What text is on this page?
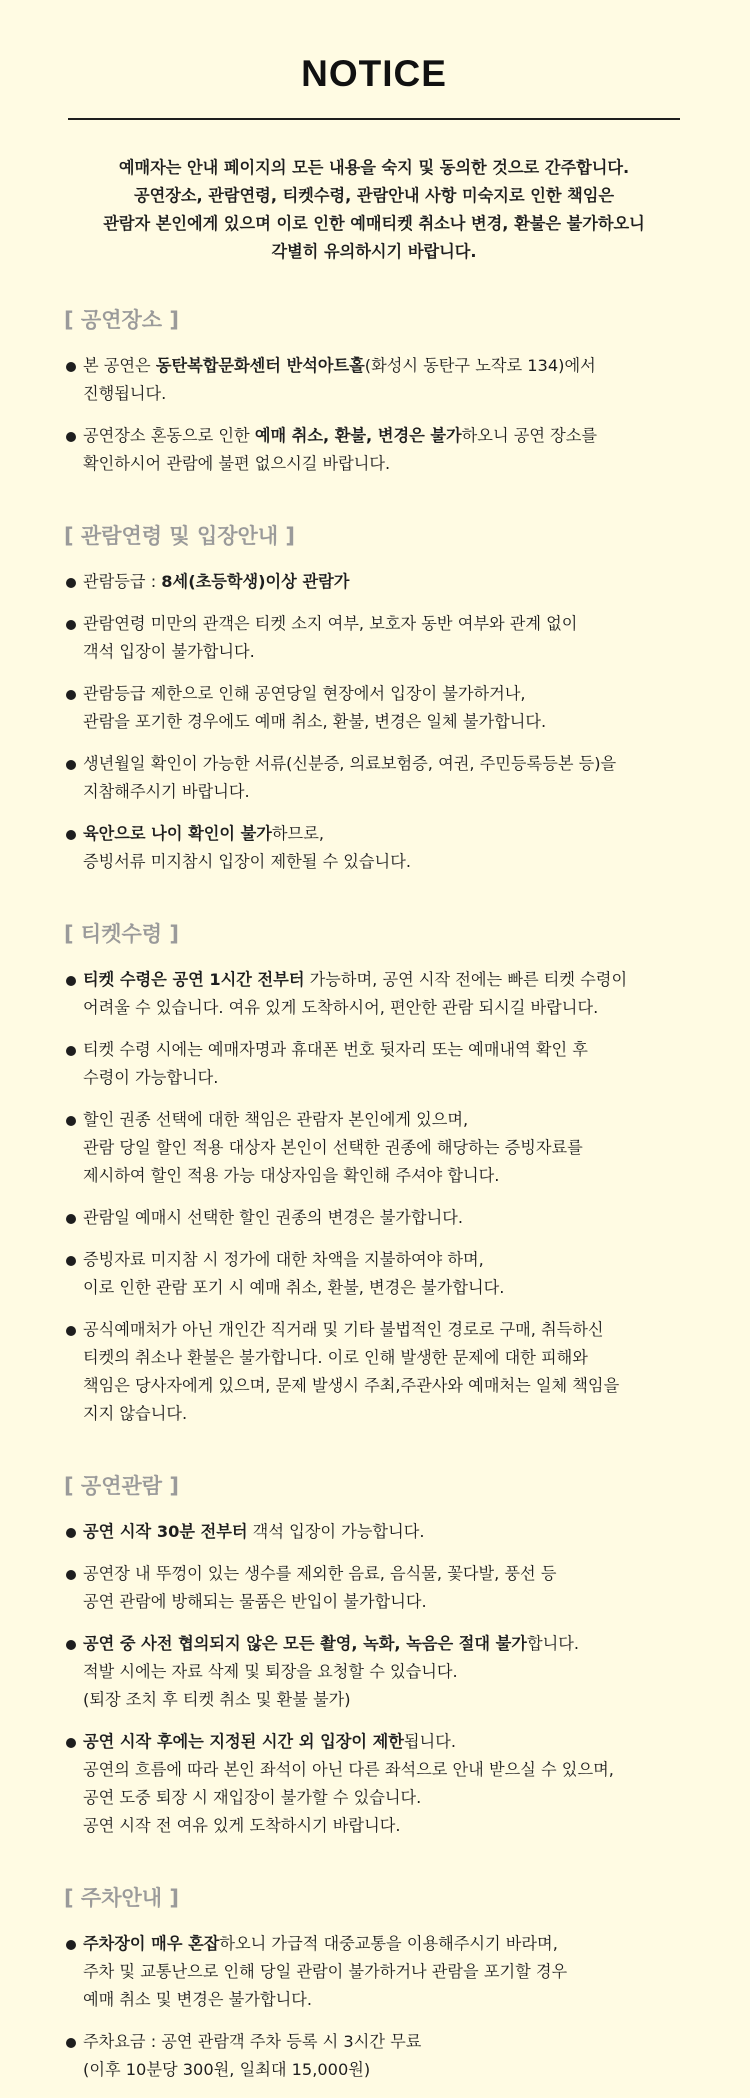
NOTICE

예매자는 안내 페이지의 모든 내용을 숙지 및 동의한 것으로 간주합니다.

공연장소, 관람연령, 티켓수령, 관람안내 사항 미숙지로 인한 책임은

관람자 본인에게 있으며 이로 인한 예매티켓 취소나 변경, 환불은 불가하오니

각별히 유의하시기 바랍니다.

[ 공연장소 ]
본 공연은 동탄복합문화센터 반석아트홀(화성시 동탄구 노작로 134)에서
진행됩니다.
공연장소 혼동으로 인한 예매 취소, 환불, 변경은 불가하오니 공연 장소를
확인하시어 관람에 불편 없으시길 바랍니다.
[ 관람연령 및 입장안내 ]
관람등급 : 8세(초등학생)이상 관람가
관람연령 미만의 관객은 티켓 소지 여부, 보호자 동반 여부와 관계 없이
객석 입장이 불가합니다.
관람등급 제한으로 인해 공연당일 현장에서 입장이 불가하거나,
관람을 포기한 경우에도 예매 취소, 환불, 변경은 일체 불가합니다.
생년월일 확인이 가능한 서류(신분증, 의료보험증, 여권, 주민등록등본 등)을
지참해주시기 바랍니다.
육안으로 나이 확인이 불가하므로,
증빙서류 미지참시 입장이 제한될 수 있습니다.
[ 티켓수령 ]
티켓 수령은 공연 1시간 전부터 가능하며, 공연 시작 전에는 빠른 티켓 수령이
어려울 수 있습니다. 여유 있게 도착하시어, 편안한 관람 되시길 바랍니다.
티켓 수령 시에는 예매자명과 휴대폰 번호 뒷자리 또는 예매내역 확인 후
수령이 가능합니다.
할인 권종 선택에 대한 책임은 관람자 본인에게 있으며,
관람 당일 할인 적용 대상자 본인이 선택한 권종에 해당하는 증빙자료를
제시하여 할인 적용 가능 대상자임을 확인해 주셔야 합니다.
관람일 예매시 선택한 할인 권종의 변경은 불가합니다.
증빙자료 미지참 시 정가에 대한 차액을 지불하여야 하며,
이로 인한 관람 포기 시 예매 취소, 환불, 변경은 불가합니다.
공식예매처가 아닌 개인간 직거래 및 기타 불법적인 경로로 구매, 취득하신
티켓의 취소나 환불은 불가합니다. 이로 인해 발생한 문제에 대한 피해와
책임은 당사자에게 있으며, 문제 발생시 주최,주관사와 예매처는 일체 책임을
지지 않습니다.
[ 공연관람 ]
공연 시작 30분 전부터 객석 입장이 가능합니다.
공연장 내 뚜껑이 있는 생수를 제외한 음료, 음식물, 꽃다발, 풍선 등
공연 관람에 방해되는 물품은 반입이 불가합니다.
공연 중 사전 협의되지 않은 모든 촬영, 녹화, 녹음은 절대 불가합니다.
적발 시에는 자료 삭제 및 퇴장을 요청할 수 있습니다.
(퇴장 조치 후 티켓 취소 및 환불 불가)
공연 시작 후에는 지정된 시간 외 입장이 제한됩니다.
공연의 흐름에 따라 본인 좌석이 아닌 다른 좌석으로 안내 받으실 수 있으며,
공연 도중 퇴장 시 재입장이 불가할 수 있습니다.
공연 시작 전 여유 있게 도착하시기 바랍니다.
[ 주차안내 ]
주차장이 매우 혼잡하오니 가급적 대중교통을 이용해주시기 바라며,
주차 및 교통난으로 인해 당일 관람이 불가하거나 관람을 포기할 경우
예매 취소 및 변경은 불가합니다.
주차요금 : 공연 관람객 주차 등록 시 3시간 무료
(이후 10분당 300원, 일최대 15,000원)
